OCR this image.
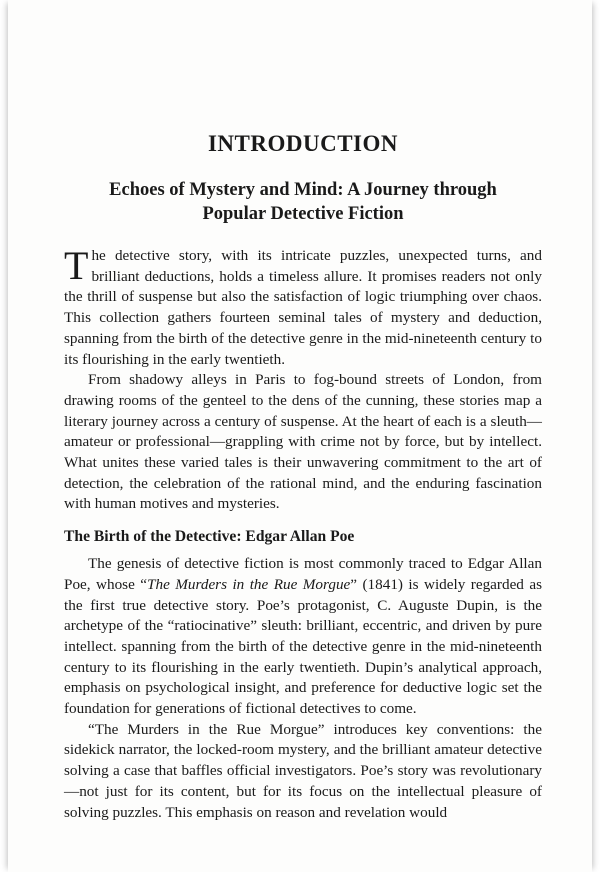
INTRODUCTION
Echoes of Mystery and Mind: A Journey through
Popular Detective Fiction

The detective story, with its intricate puzzles, unexpected turns, and brilliant deductions, holds a timeless allure. It promises readers not only the thrill of suspense but also the satisfaction of logic triumphing over chaos. This collection gathers fourteen seminal tales of mystery and deduction, spanning from the birth of the detective genre in the mid-nineteenth century to its flourishing in the early twentieth.

From shadowy alleys in Paris to fog-bound streets of London, from drawing rooms of the genteel to the dens of the cunning, these stories map a literary journey across a century of suspense. At the heart of each is a sleuth—amateur or professional—grappling with crime not by force, but by intellect. What unites these varied tales is their unwavering commitment to the art of detection, the celebration of the rational mind, and the enduring fascination with human motives and mysteries.

The Birth of the Detective: Edgar Allan Poe

The genesis of detective fiction is most commonly traced to Edgar Allan Poe, whose “The Murders in the Rue Morgue” (1841) is widely regarded as the first true detective story. Poe’s protagonist, C. Auguste Dupin, is the archetype of the “ratiocinative” sleuth: brilliant, eccentric, and driven by pure intellect. spanning from the birth of the detective genre in the mid-nineteenth century to its flourishing in the early twentieth. Dupin’s analytical approach, emphasis on psychological insight, and preference for deductive logic set the foundation for generations of fictional detectives to come.

“The Murders in the Rue Morgue” introduces key conventions: the sidekick narrator, the locked-room mystery, and the brilliant amateur detective solving a case that baffles official investigators. Poe’s story was revolutionary—not just for its content, but for its focus on the intellectual pleasure of solving puzzles. This emphasis on reason and revelation would
